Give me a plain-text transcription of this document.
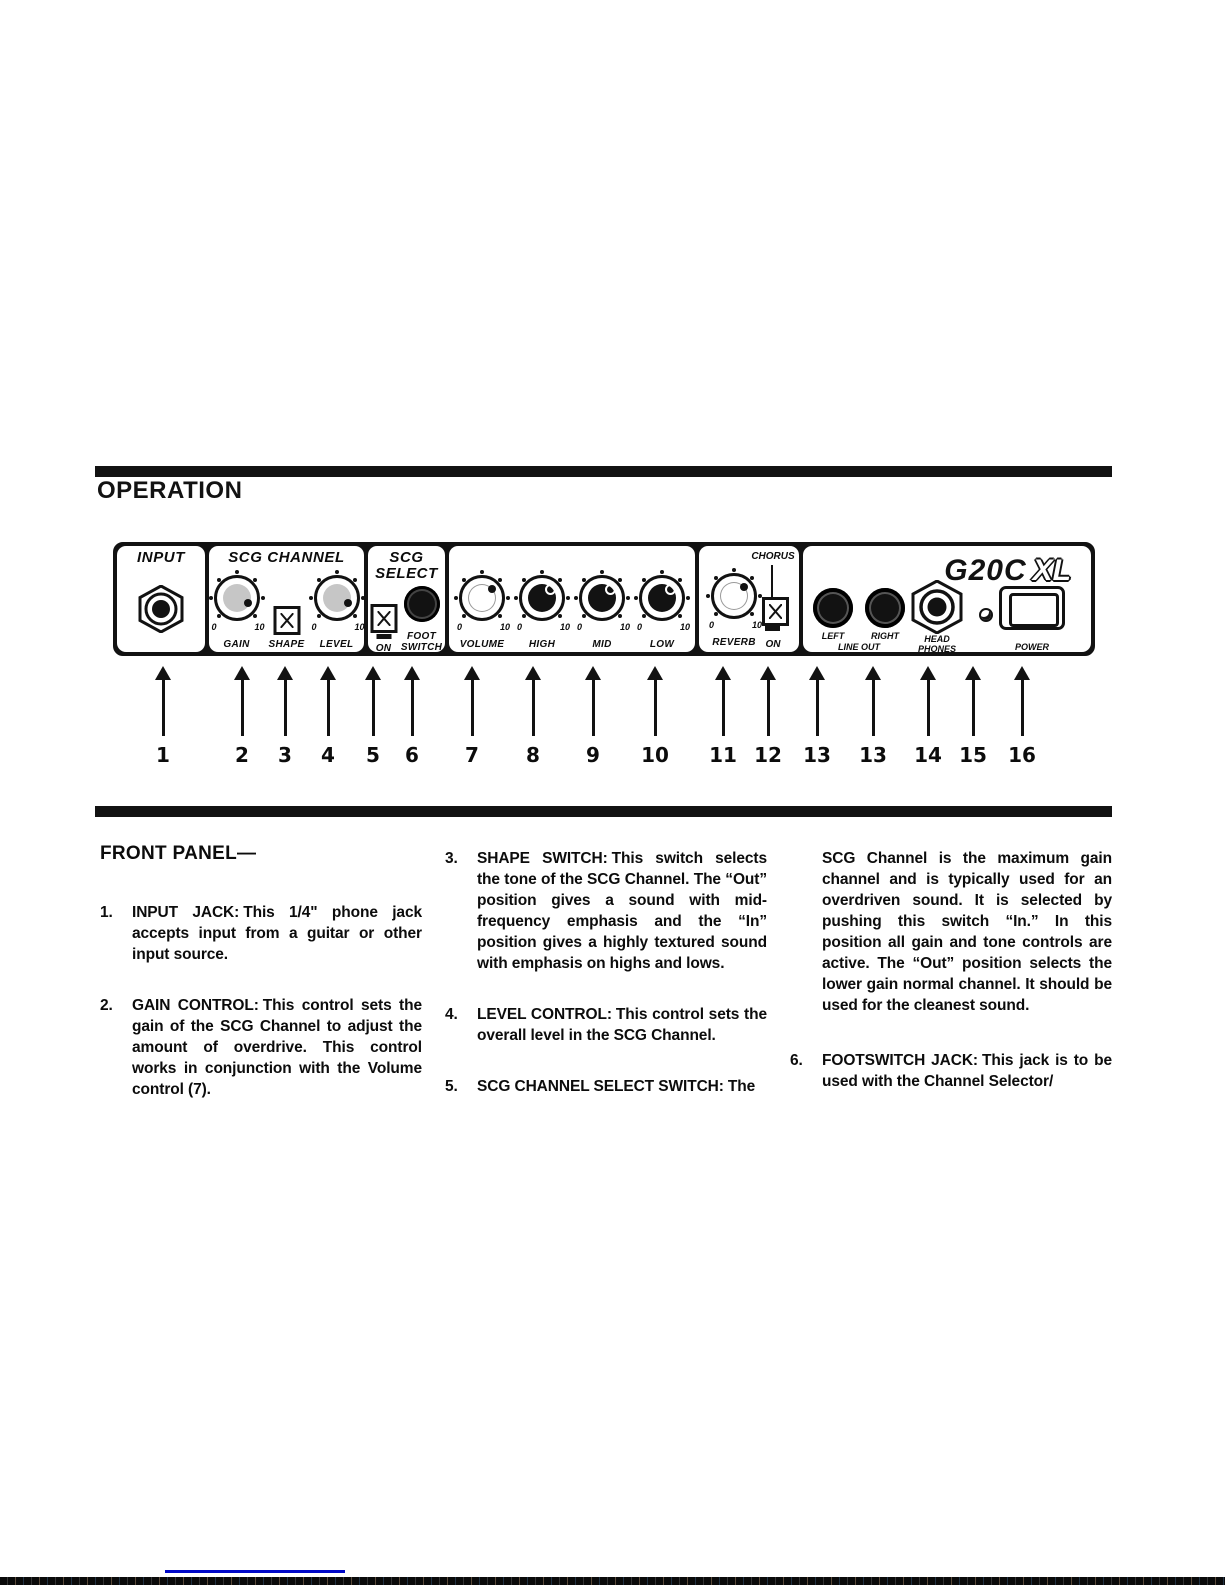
OPERATION
INPUT	SCG CHANNEL
0	10
GAIN	SHAPE
0	10
LEVEL
SCG
SELECT
ON
FOOT
SWITCH
0	10
VOLUME
0	10
HIGH
0	10
MID
0	10
LOW
0	10
REVERB
CHORUS
ON
G20C XL
LEFT	RIGHT
LINE OUT
HEAD
PHONES	POWER
1	2	3	4	5	6	7	8	9	10 11 12 13 13 14 15 16
FRONT PANEL—
1.	INPUT JACK: This 1/4" phone jack accepts input from a guitar or other input source.
2.	GAIN CONTROL: This control sets the gain of the SCG Channel to adjust the amount of overdrive. This control works in conjunction with the Volume control (7).
3.	SHAPE SWITCH: This switch selects the tone of the SCG Channel. The “Out” position gives a sound with mid-frequency emphasis and the “In” position gives a highly textured sound with emphasis on highs and lows.
4.	LEVEL CONTROL: This control sets the overall level in the SCG Channel.
5.	SCG CHANNEL SELECT SWITCH: The
SCG Channel is the maximum gain channel and is typically used for an overdriven sound. It is selected by pushing this switch “In.” In this position all gain and tone controls are active. The “Out” position selects the lower gain normal channel. It should be used for the cleanest sound.
6.	FOOTSWITCH JACK: This jack is to be used with the Channel Selector/
